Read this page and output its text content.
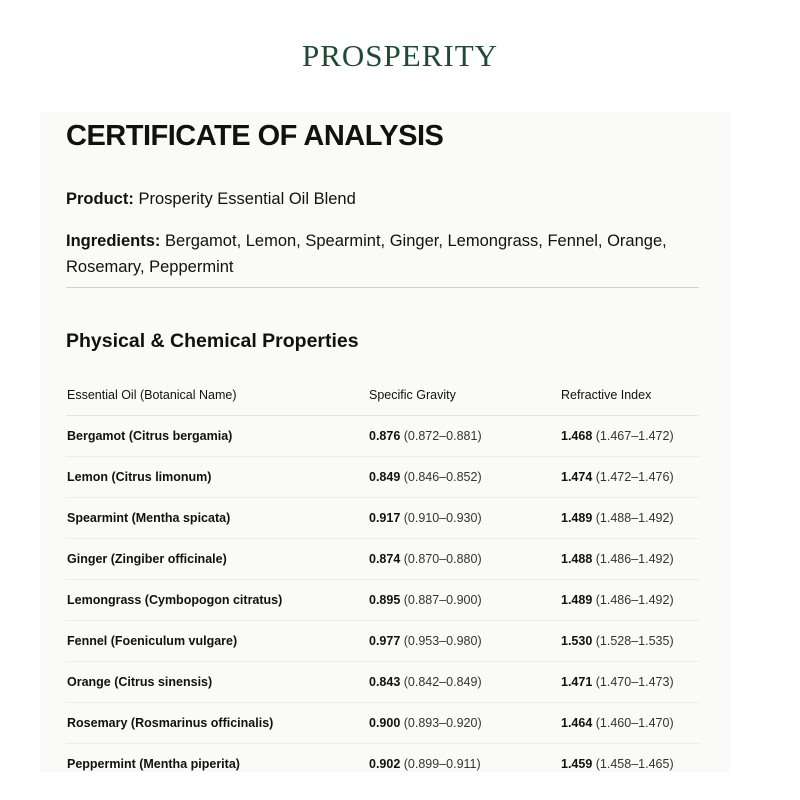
PROSPERITY
CERTIFICATE OF ANALYSIS
Product: Prosperity Essential Oil Blend
Ingredients: Bergamot, Lemon, Spearmint, Ginger, Lemongrass, Fennel, Orange, Rosemary, Peppermint
Physical & Chemical Properties
Essential Oil (Botanical Name)	Specific Gravity	Refractive Index
Bergamot (Citrus bergamia)	0.876 (0.872–0.881)	1.468 (1.467–1.472)
Lemon (Citrus limonum)	0.849 (0.846–0.852)	1.474 (1.472–1.476)
Spearmint (Mentha spicata)	0.917 (0.910–0.930)	1.489 (1.488–1.492)
Ginger (Zingiber officinale)	0.874 (0.870–0.880)	1.488 (1.486–1.492)
Lemongrass (Cymbopogon citratus)	0.895 (0.887–0.900)	1.489 (1.486–1.492)
Fennel (Foeniculum vulgare)	0.977 (0.953–0.980)	1.530 (1.528–1.535)
Orange (Citrus sinensis)	0.843 (0.842–0.849)	1.471 (1.470–1.473)
Rosemary (Rosmarinus officinalis)	0.900 (0.893–0.920)	1.464 (1.460–1.470)
Peppermint (Mentha piperita)	0.902 (0.899–0.911)	1.459 (1.458–1.465)
